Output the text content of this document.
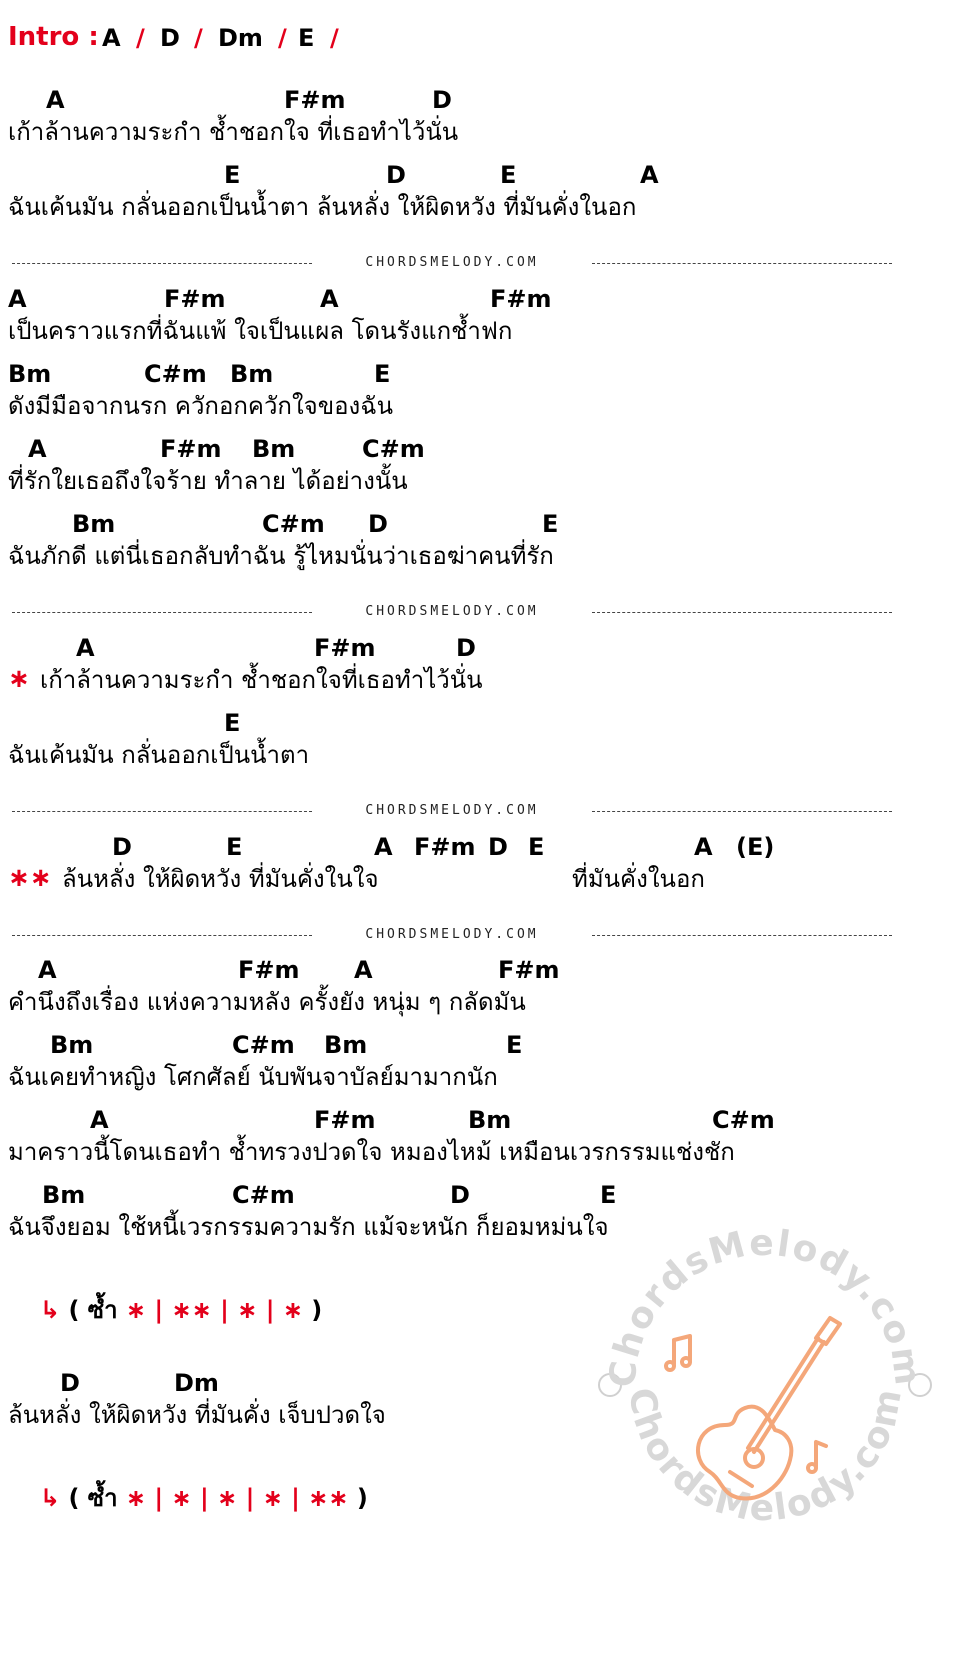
Intro : A / D / Dm / E /
A	F#m	D
เก้าล้านความระกำ ช้ำชอกใจ ที่เธอทำไว้นั่น
E	D	E	A
ฉันเค้นมัน กลั่นออกเป็นน้ำตา ล้นหลั่ง ให้ผิดหวัง ที่มันคั่งในอก
CHORDSMELODY.COM
A	F#m	A	F#m
เป็นคราวแรกที่ฉันแพ้ ใจเป็นแผล โดนรังแกช้ำฟก
Bm	C#m Bm	E
ดังมีมือจากนรก ควักอกควักใจของฉัน
A	F#m Bm	C#m
ที่รักใยเธอถึงใจร้าย ทำลาย ได้อย่างนั้น
Bm	C#m D	E
ฉันภักดี แต่นี่เธอกลับทำฉัน รู้ไหมนั่นว่าเธอฆ่าคนที่รัก
CHORDSMELODY.COM
A	F#m	D
∗ เก้าล้านความระกำ ช้ำชอกใจที่เธอทำไว้นั่น
E
ฉันเค้นมัน กลั่นออกเป็นน้ำตา
CHORDSMELODY.COM
D	E	A F#m D E	A (E)
∗∗ ล้นหลั่ง ให้ผิดหวัง ที่มันคั่งในใจ	ที่มันคั่งในอก
CHORDSMELODY.COM
A	F#m A	F#m
คำนึงถึงเรื่อง แห่งความหลัง ครั้งยัง หนุ่ม ๆ กลัดมัน
Bm	C#m Bm	E
ฉันเคยทำหญิง โศกศัลย์ นับพันจาบัลย์มามากนัก
A	F#m	Bm	C#m
มาคราวนี้โดนเธอทำ ช้ำทรวงปวดใจ หมองไหม้ เหมือนเวรกรรมแช่งชัก
Bm	C#m	D	E
ฉันจึงยอม ใช้หนี้เวรกรรมความรัก แม้จะหนัก ก็ยอมหม่นใจ
↳ ( ซ้ำ ∗ | ∗∗ | ∗ | ∗ )
D	Dm
ล้นหลั่ง ให้ผิดหวัง ที่มันคั่ง เจ็บปวดใจ
↳ ( ซ้ำ ∗ | ∗ | ∗ | ∗ | ∗∗ )
ChordsMelody.com
ChordsMelody.com
